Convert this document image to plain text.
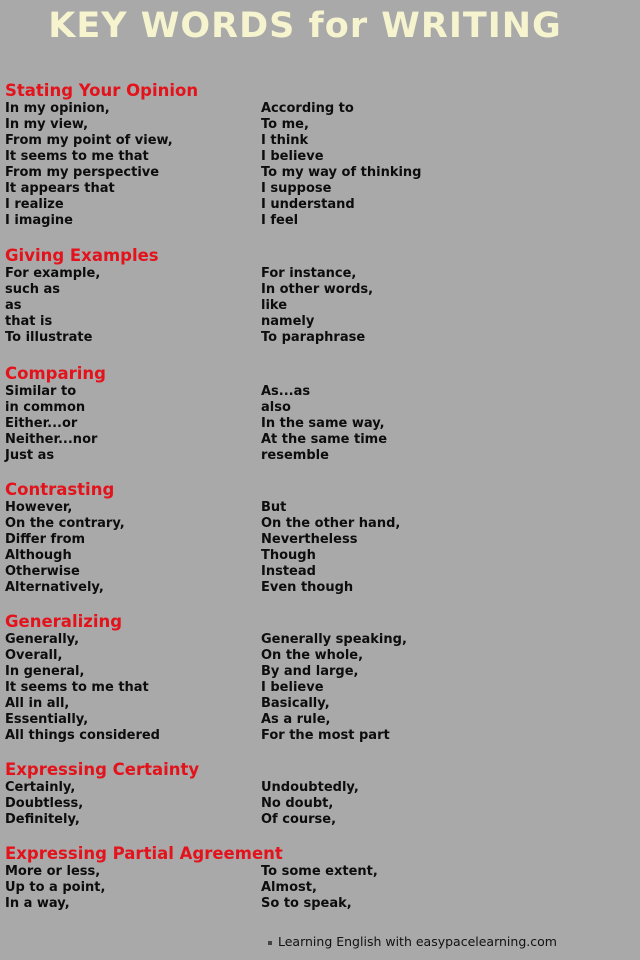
KEY WORDS for WRITING
Stating Your Opinion
In my opinion,	According to
In my view,	To me,
From my point of view,	I think
It seems to me that	I believe
From my perspective	To my way of thinking
It appears that	I suppose
I realize	I understand
I imagine	I feel
Giving Examples
For example,	For instance,
such as	In other words,
as	like
that is	namely
To illustrate	To paraphrase
Comparing
Similar to	As...as
in common	also
Either...or	In the same way,
Neither...nor	At the same time
Just as	resemble
Contrasting
However,	But
On the contrary,	On the other hand,
Differ from	Nevertheless
Although	Though
Otherwise	Instead
Alternatively,	Even though
Generalizing
Generally,	Generally speaking,
Overall,	On the whole,
In general,	By and large,
It seems to me that	I believe
All in all,	Basically,
Essentially,	As a rule,
All things considered	For the most part
Expressing Certainty
Certainly,	Undoubtedly,
Doubtless,	No doubt,
Definitely,	Of course,
Expressing Partial Agreement
More or less,	To some extent,
Up to a point,	Almost,
In a way,	So to speak,
Learning English with easypacelearning.com
